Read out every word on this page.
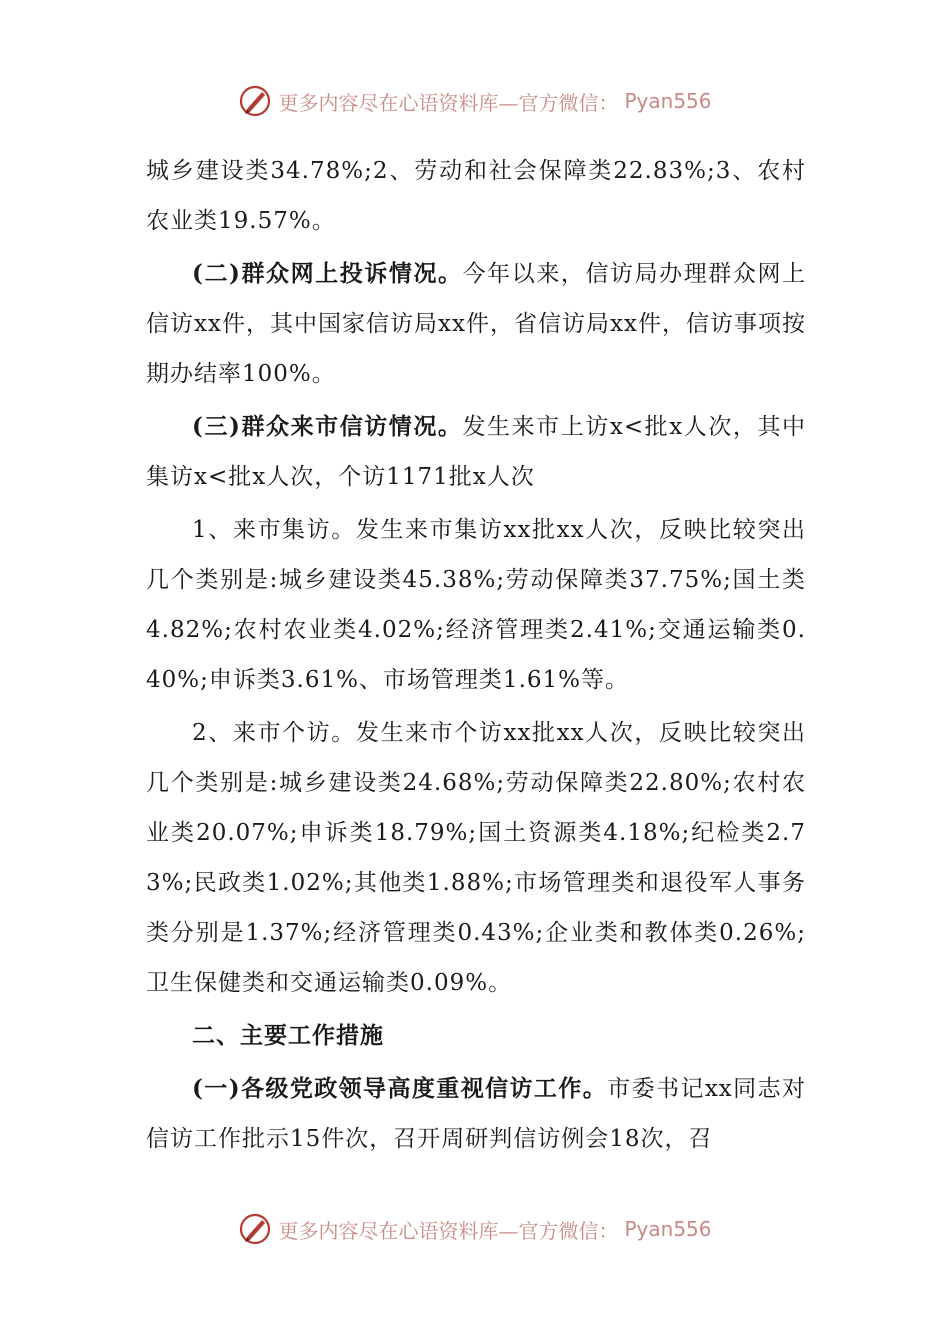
更多内容尽在心语资料库—官方微信： Pyan556

城乡建设类34.78%;2、劳动和社会保障类22.83%;3、农村农业类19.57%。

(二)群众网上投诉情况。今年以来，信访局办理群众网上信访xx件，其中国家信访局xx件，省信访局xx件，信访事项按期办结率100%。

(三)群众来市信访情况。发生来市上访x<批x人次，其中集访x<批x人次，个访1171批x人次

1、来市集访。发生来市集访xx批xx人次，反映比较突出几个类别是:城乡建设类45.38%;劳动保障类37.75%;国土类4.82%;农村农业类4.02%;经济管理类2.41%;交通运输类0.40%;申诉类3.61%、市场管理类1.61%等。

2、来市个访。发生来市个访xx批xx人次，反映比较突出几个类别是:城乡建设类24.68%;劳动保障类22.80%;农村农业类20.07%;申诉类18.79%;国土资源类4.18%;纪检类2.73%;民政类1.02%;其他类1.88%;市场管理类和退役军人事务类分别是1.37%;经济管理类0.43%;企业类和教体类0.26%;卫生保健类和交通运输类0.09%。

二、主要工作措施

(一)各级党政领导高度重视信访工作。市委书记xx同志对信访工作批示15件次，召开周研判信访例会18次，召

更多内容尽在心语资料库—官方微信： Pyan556
